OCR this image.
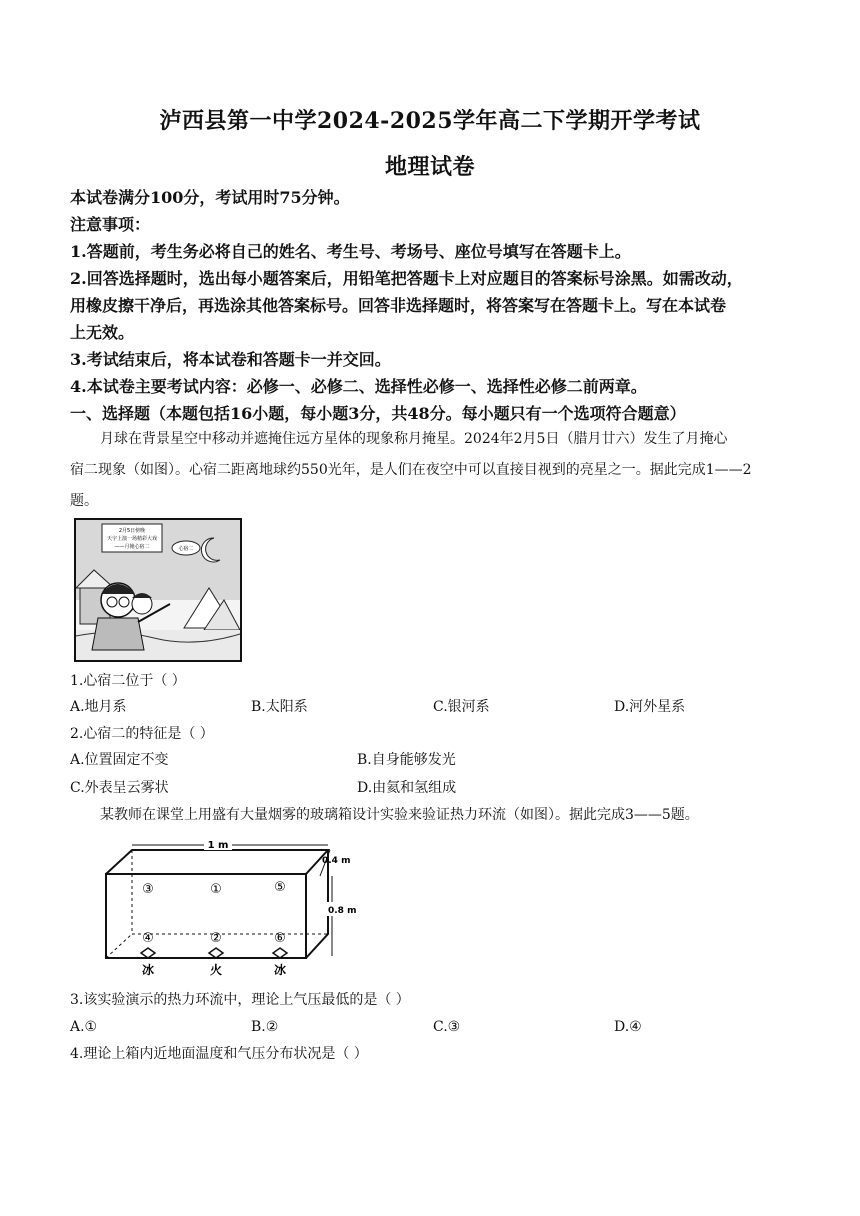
泸西县第一中学2024-2025学年高二下学期开学考试
地理试卷
本试卷满分100分，考试用时75分钟。
注意事项：
1.答题前，考生务必将自己的姓名、考生号、考场号、座位号填写在答题卡上。
2.回答选择题时，选出每小题答案后，用铅笔把答题卡上对应题目的答案标号涂黑。如需改动，
用橡皮擦干净后，再选涂其他答案标号。回答非选择题时，将答案写在答题卡上。写在本试卷
上无效。
3.考试结束后，将本试卷和答题卡一并交回。
4.本试卷主要考试内容：必修一、必修二、选择性必修一、选择性必修二前两章。
一、选择题（本题包括16小题，每小题3分，共48分。每小题只有一个选项符合题意）
月球在背景星空中移动并遮掩住远方星体的现象称月掩星。2024年2月5日（腊月廿六）发生了月掩心
宿二现象（如图）。心宿二距离地球约550光年，是人们在夜空中可以直接目视到的亮星之一。据此完成1——2
题。
2月5日傍晚
天宇上演一场精彩大戏
——月掩心宿二	心宿二
1.心宿二位于（ ）
A.地月系	B.太阳系	C.银河系	D.河外星系
2.心宿二的特征是（ ）
A.位置固定不变	B.自身能够发光
C.外表呈云雾状	D.由氦和氢组成
某教师在课堂上用盛有大量烟雾的玻璃箱设计实验来验证热力环流（如图）。据此完成3——5题。
1 m
0.4 m
0.8 m
③	①	⑤
④	②	⑥
冰	火	冰
3.该实验演示的热力环流中，理论上气压最低的是（ ）
A.①	B.②	C.③	D.④
4.理论上箱内近地面温度和气压分布状况是（ ）
